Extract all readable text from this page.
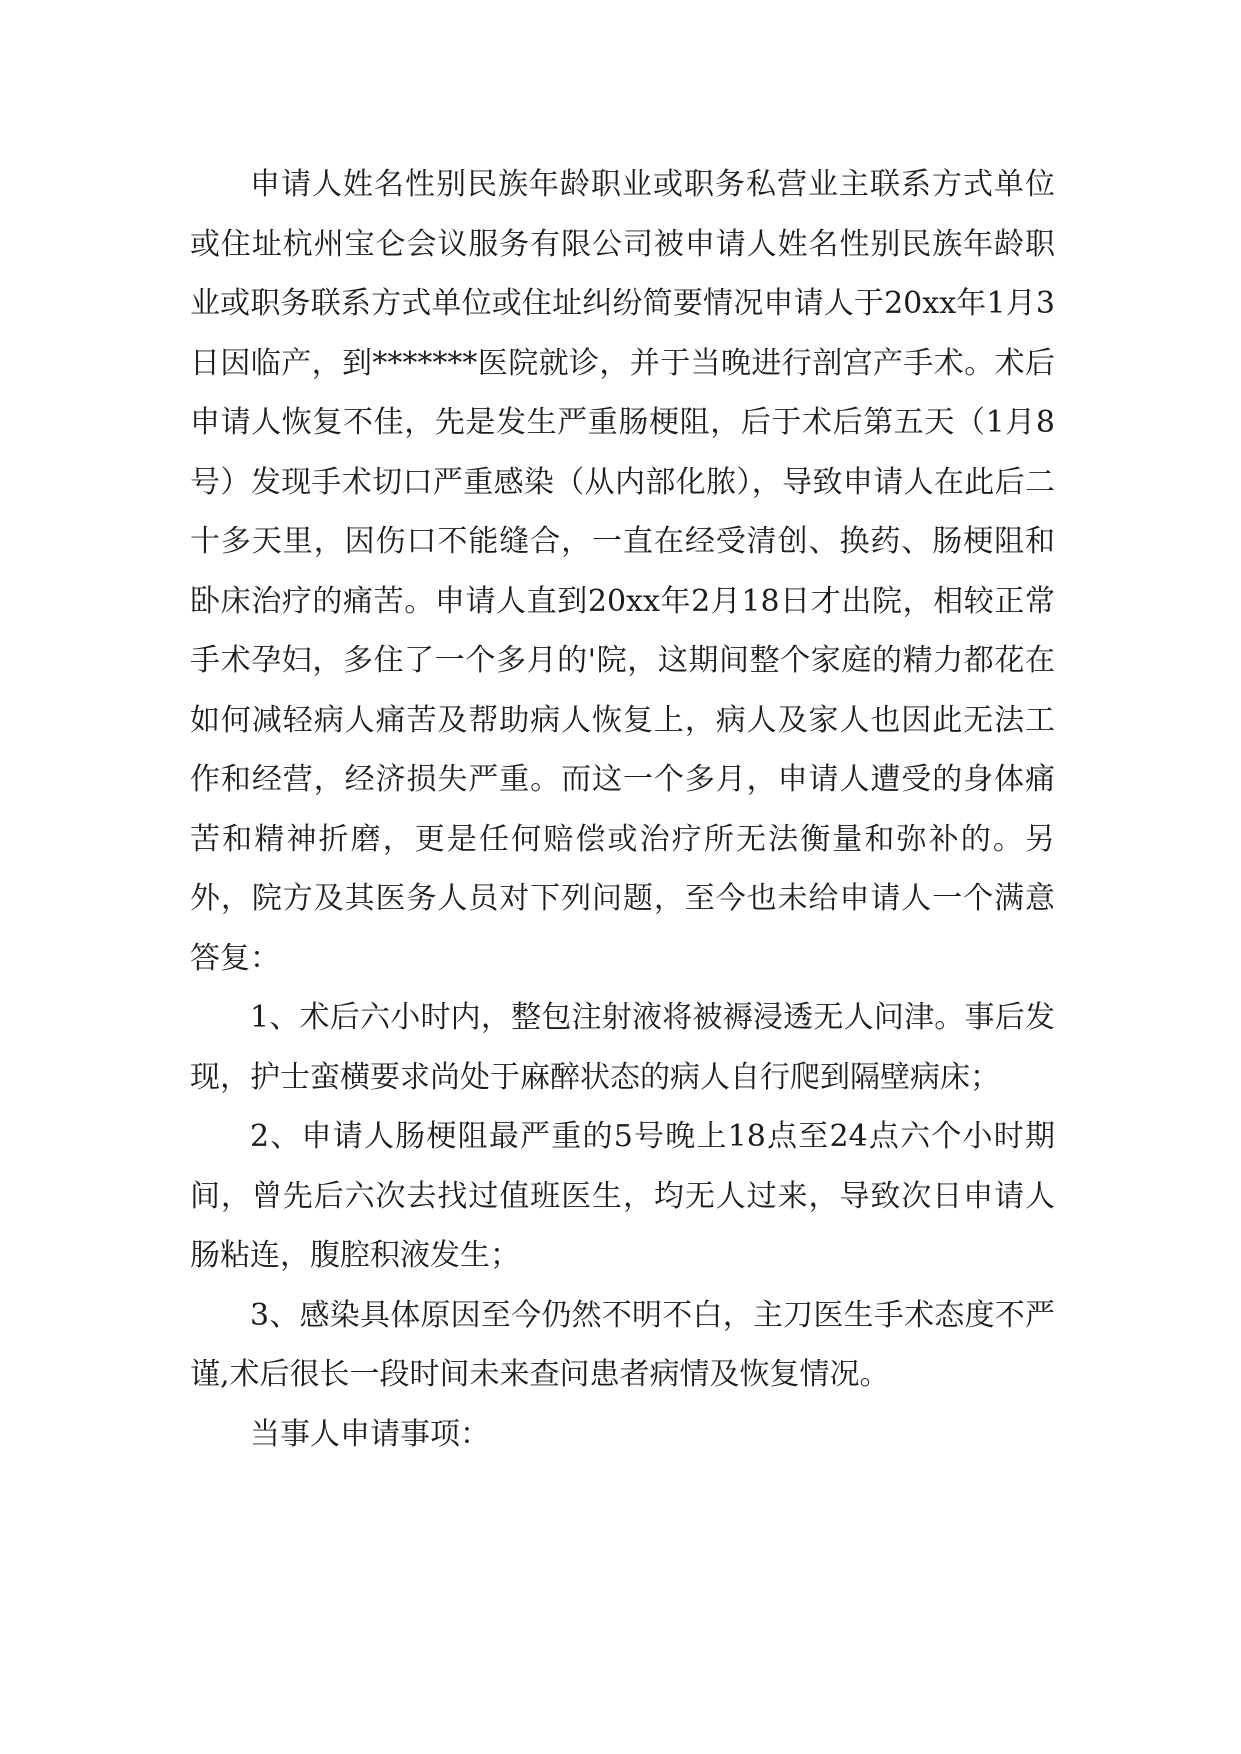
申请人姓名性别民族年龄职业或职务私营业主联系方式单位或住址杭州宝仑会议服务有限公司被申请人姓名性别民族年龄职业或职务联系方式单位或住址纠纷简要情况申请人于20xx年1月3日因临产，到*******医院就诊，并于当晚进行剖宫产手术。术后申请人恢复不佳，先是发生严重肠梗阻，后于术后第五天（1月8号）发现手术切口严重感染（从内部化脓），导致申请人在此后二十多天里，因伤口不能缝合，一直在经受清创、换药、肠梗阻和卧床治疗的痛苦。申请人直到20xx年2月18日才出院，相较正常手术孕妇，多住了一个多月的'院，这期间整个家庭的精力都花在如何减轻病人痛苦及帮助病人恢复上，病人及家人也因此无法工作和经营，经济损失严重。而这一个多月，申请人遭受的身体痛苦和精神折磨，更是任何赔偿或治疗所无法衡量和弥补的。另外，院方及其医务人员对下列问题，至今也未给申请人一个满意答复：

1、术后六小时内，整包注射液将被褥浸透无人问津。事后发现，护士蛮横要求尚处于麻醉状态的病人自行爬到隔壁病床；

2、申请人肠梗阻最严重的5号晚上18点至24点六个小时期间，曾先后六次去找过值班医生，均无人过来，导致次日申请人肠粘连，腹腔积液发生；

3、感染具体原因至今仍然不明不白，主刀医生手术态度不严谨,术后很长一段时间未来查问患者病情及恢复情况。

当事人申请事项：
